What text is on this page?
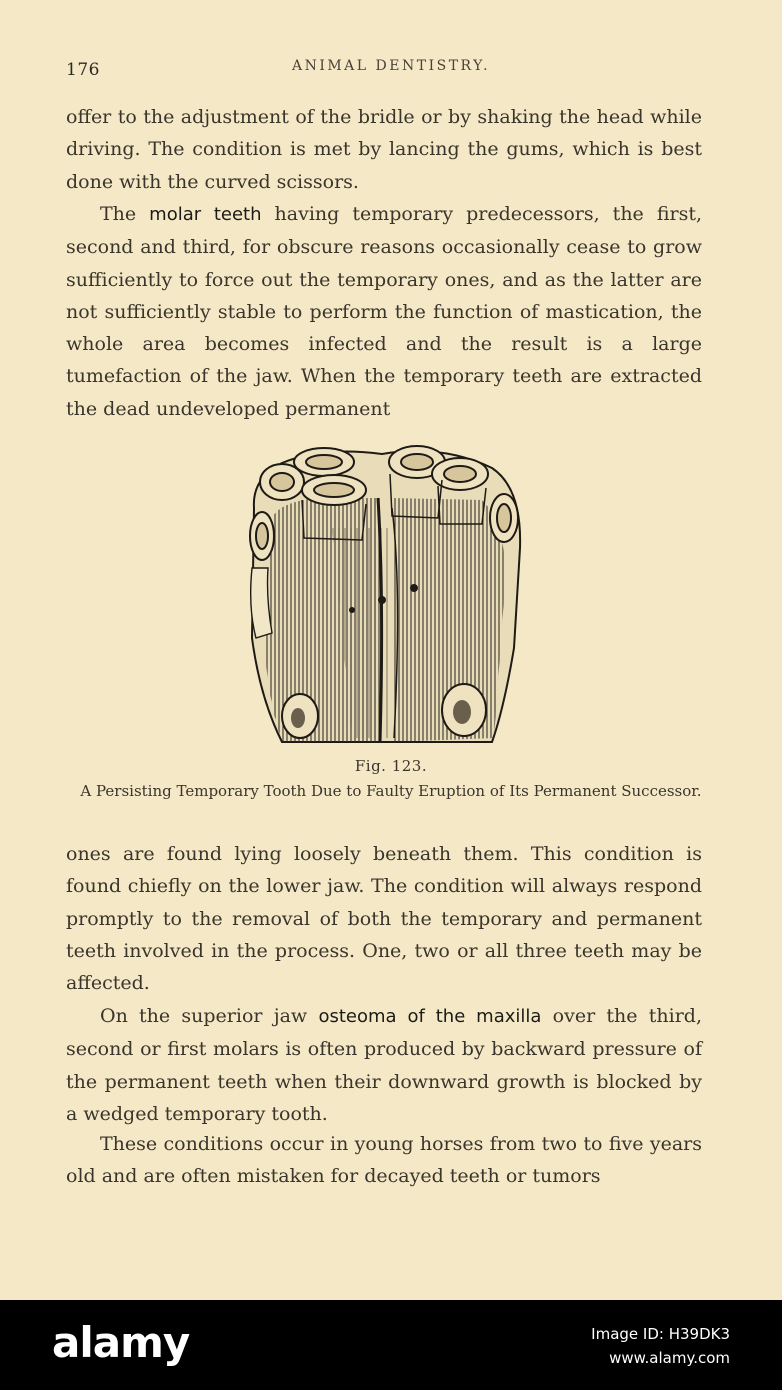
176	ANIMAL DENTISTRY.

offer to the adjustment of the bridle or by shaking the head while driving. The condition is met by lancing the gums, which is best done with the curved scissors.

The molar teeth having temporary predecessors, the first, second and third, for obscure reasons occasionally cease to grow sufficiently to force out the temporary ones, and as the latter are not sufficiently stable to perform the function of mastication, the whole area becomes infected and the result is a large tumefaction of the jaw. When the temporary teeth are extracted the dead undeveloped permanent

Fig. 123.
A Persisting Temporary Tooth Due to Faulty Eruption of Its Permanent Successor.

ones are found lying loosely beneath them. This condition is found chiefly on the lower jaw. The condition will always respond promptly to the removal of both the temporary and permanent teeth involved in the process. One, two or all three teeth may be affected.

On the superior jaw osteoma of the maxilla over the third, second or first molars is often produced by backward pressure of the permanent teeth when their downward growth is blocked by a wedged temporary tooth.

These conditions occur in young horses from two to five years old and are often mistaken for decayed teeth or tumors

alamy	Image ID: H39DK3
www.alamy.com
